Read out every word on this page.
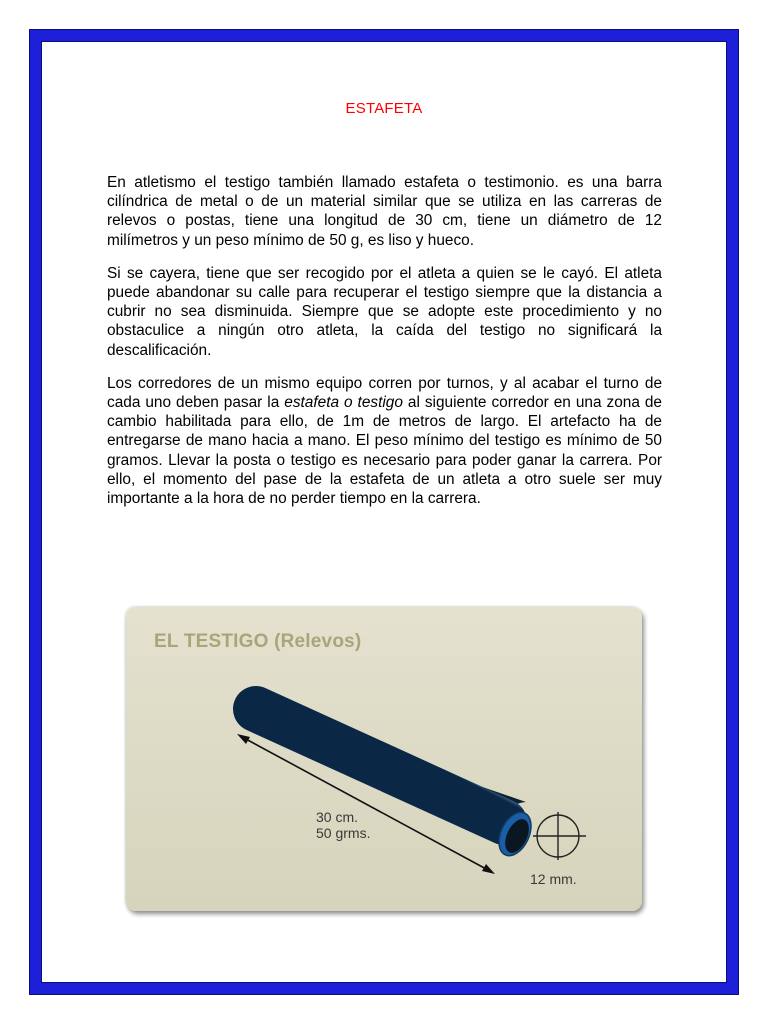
ESTAFETA

En atletismo el testigo también llamado estafeta o testimonio. es una barra cilíndrica de metal o de un material similar que se utiliza en las carreras de relevos o postas, tiene una longitud de 30 cm, tiene un diámetro de 12 milímetros y un peso mínimo de 50 g, es liso y hueco.

Si se cayera, tiene que ser recogido por el atleta a quien se le cayó. El atleta puede abandonar su calle para recuperar el testigo siempre que la distancia a cubrir no sea disminuida. Siempre que se adopte este procedimiento y no obstaculice a ningún otro atleta, la caída del testigo no significará la descalificación.

Los corredores de un mismo equipo corren por turnos, y al acabar el turno de cada uno deben pasar la estafeta o testigo al siguiente corredor en una zona de cambio habilitada para ello, de 1m de metros de largo. El artefacto ha de entregarse de mano hacia a mano. El peso mínimo del testigo es mínimo de 50 gramos. Llevar la posta o testigo es necesario para poder ganar la carrera. Por ello, el momento del pase de la estafeta de un atleta a otro suele ser muy importante a la hora de no perder tiempo en la carrera.

EL TESTIGO (Relevos)
30 cm.
50 grms.
12 mm.
